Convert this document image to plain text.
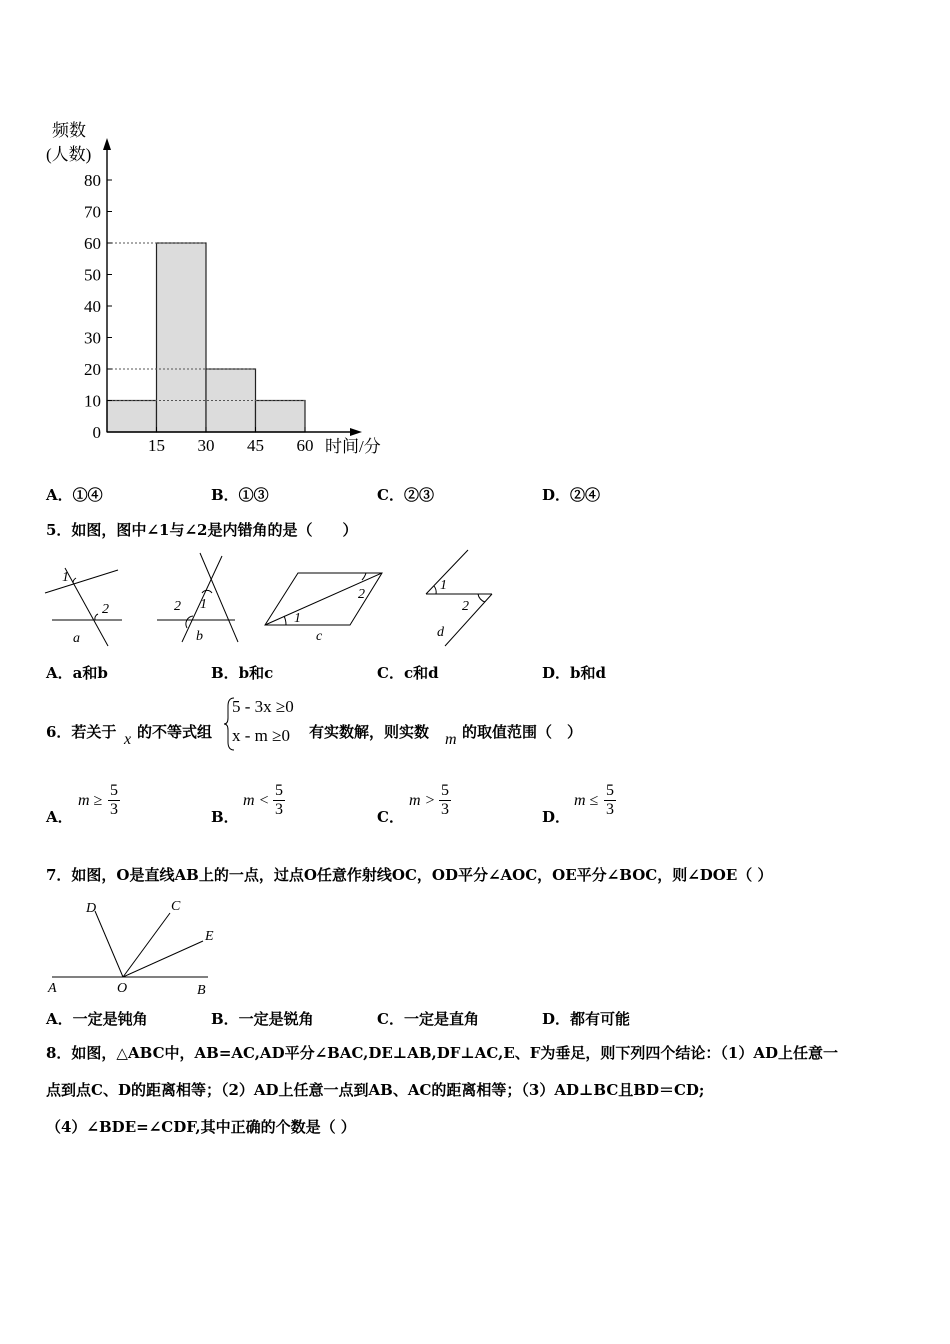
0
10
20
30
40
50
60
70
80
15 30 45 60
频数
(人数)
时间/分
A．①④	B．①③	C．②③	D．②④
5．如图，图中∠1与∠2是内错角的是（　　）
1
2
a
1
2
b
1
2
c
1
2
d
A．a和b	B．b和c	C．c和d	D．b和d
6．若关于 x 的不等式组
5 - 3x ≥0
x - m ≥0 有实数解，则实数 m 的取值范围（　）
A．
$m \ge \frac{5}{3}$	B．
$m < \frac{5}{3}$	C．
$m > \frac{5}{3}$	D．
$m \le \frac{5}{3}$
7．如图，O是直线AB上的一点，过点O任意作射线OC，OD平分∠AOC，OE平分∠BOC，则∠DOE（ ）
D	C
E
A	O	B
A．一定是钝角	B．一定是锐角	C．一定是直角	D．都有可能
8．如图，△ABC中，AB=AC,AD平分∠BAC,DE⊥AB,DF⊥AC,E、F为垂足，则下列四个结论：（1）AD上任意一
点到点C、D的距离相等；（2）AD上任意一点到AB、AC的距离相等；（3）AD⊥BC且BD＝CD;
（4）∠BDE=∠CDF,其中正确的个数是（ ）
